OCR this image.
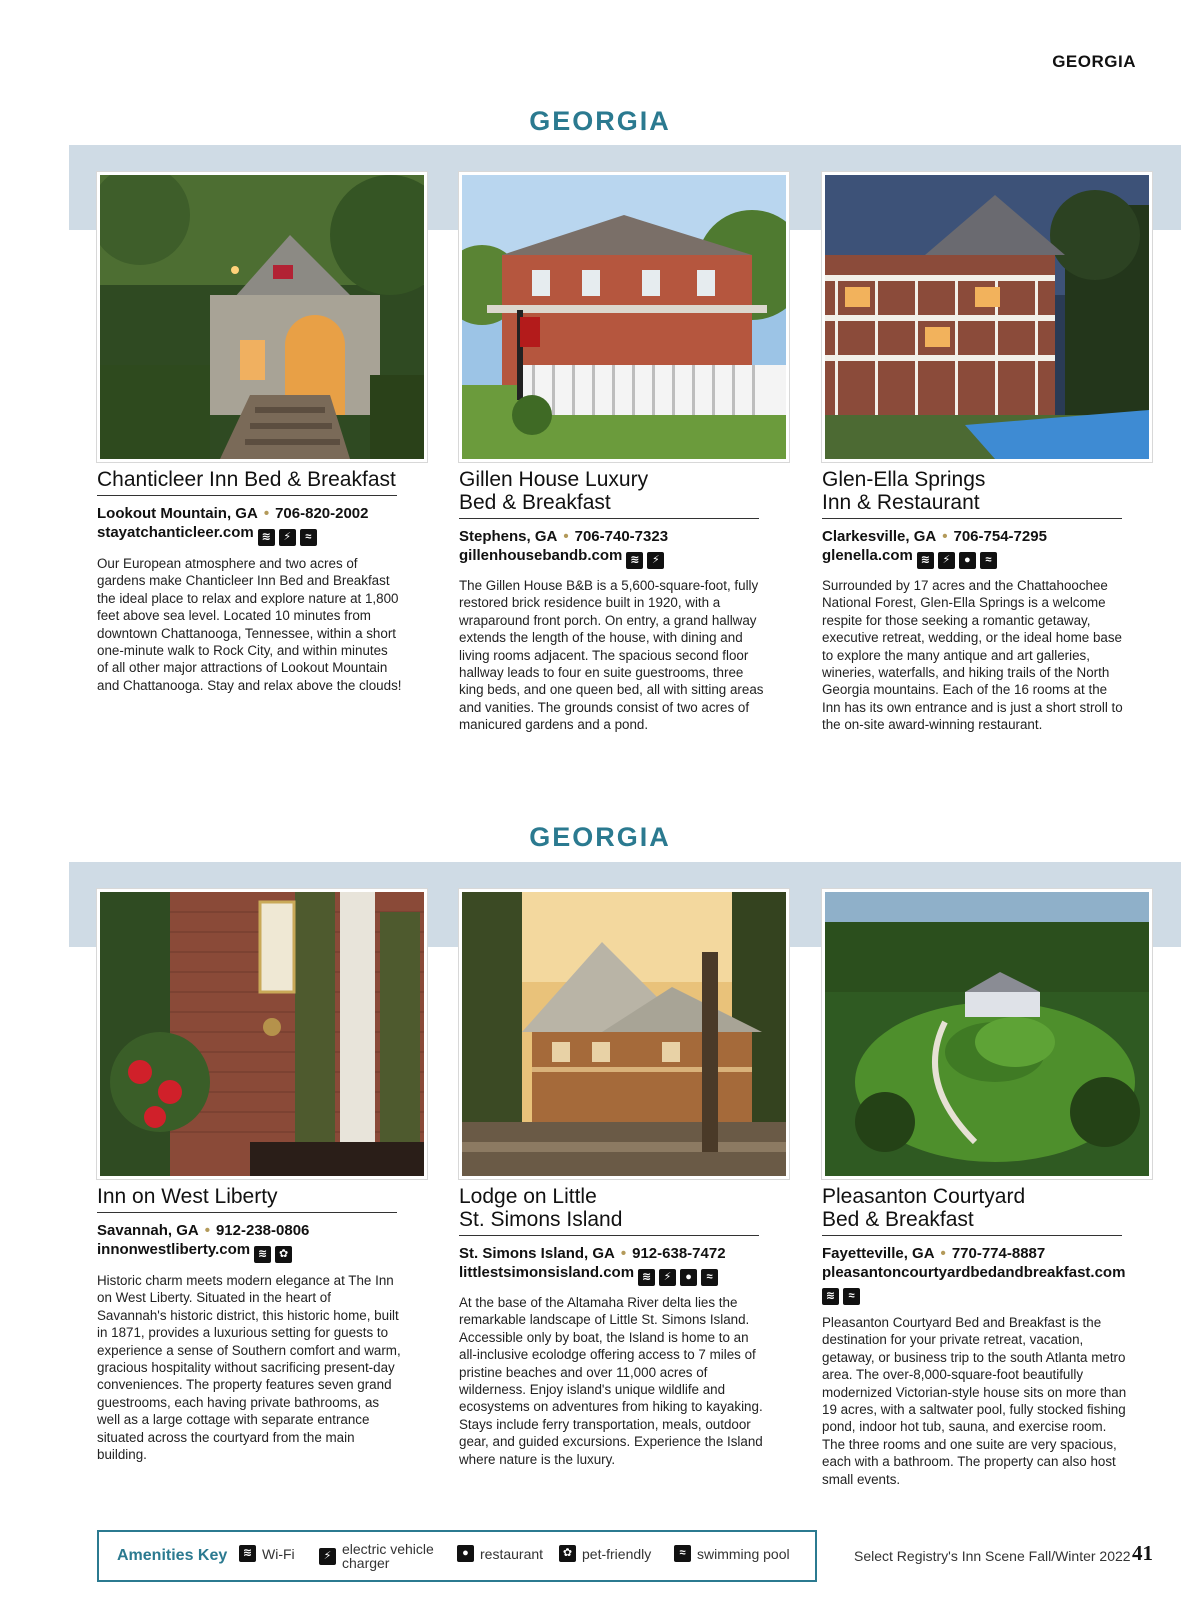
GEORGIA
GEORGIA
Chanticleer Inn Bed & Breakfast
Lookout Mountain, GA • 706-820-2002
stayatchanticleer.com ≋ ⚡ ≈
Our European atmosphere and two acres of gardens make Chanticleer Inn Bed and Breakfast the ideal place to relax and explore nature at 1,800 feet above sea level. Located 10 minutes from downtown Chattanooga, Tennessee, within a short one-minute walk to Rock City, and within minutes of all other major attractions of Lookout Mountain and Chattanooga. Stay and relax above the clouds!
Gillen House Luxury
Bed & Breakfast
Stephens, GA • 706-740-7323
gillenhousebandb.com ≋ ⚡
The Gillen House B&B is a 5,600-square-foot, fully restored brick residence built in 1920, with a wraparound front porch. On entry, a grand hallway extends the length of the house, with dining and living rooms adjacent. The spacious second floor hallway leads to four en suite guestrooms, three king beds, and one queen bed, all with sitting areas and vanities. The grounds consist of two acres of manicured gardens and a pond.
Glen-Ella Springs
Inn & Restaurant
Clarkesville, GA • 706-754-7295
glenella.com ≋ ⚡ ● ≈
Surrounded by 17 acres and the Chattahoochee National Forest, Glen-Ella Springs is a welcome respite for those seeking a romantic getaway, executive retreat, wedding, or the ideal home base to explore the many antique and art galleries, wineries, waterfalls, and hiking trails of the North Georgia mountains. Each of the 16 rooms at the Inn has its own entrance and is just a short stroll to the on-site award-winning restaurant.
GEORGIA
Inn on West Liberty
Savannah, GA • 912-238-0806
innonwestliberty.com ≋ ✿
Historic charm meets modern elegance at The Inn on West Liberty. Situated in the heart of Savannah's historic district, this historic home, built in 1871, provides a luxurious setting for guests to experience a sense of Southern comfort and warm, gracious hospitality without sacrificing present-day conveniences. The property features seven grand guestrooms, each having private bathrooms, as well as a large cottage with separate entrance situated across the courtyard from the main building.
Lodge on Little
St. Simons Island
St. Simons Island, GA • 912-638-7472
littlestsimonsisland.com ≋ ⚡ ● ≈
At the base of the Altamaha River delta lies the remarkable landscape of Little St. Simons Island. Accessible only by boat, the Island is home to an all-inclusive ecolodge offering access to 7 miles of pristine beaches and over 11,000 acres of wilderness. Enjoy island's unique wildlife and ecosystems on adventures from hiking to kayaking. Stays include ferry transportation, meals, outdoor gear, and guided excursions. Experience the Island where nature is the luxury.
Pleasanton Courtyard
Bed & Breakfast
Fayetteville, GA • 770-774-8887
pleasantoncourtyardbedandbreakfast.com
≋ ≈
Pleasanton Courtyard Bed and Breakfast is the destination for your private retreat, vacation, getaway, or business trip to the south Atlanta metro area. The over-8,000-square-foot beautifully modernized Victorian-style house sits on more than 19 acres, with a saltwater pool, fully stocked fishing pond, indoor hot tub, sauna, and exercise room. The three rooms and one suite are very spacious, each with a bathroom. The property can also host small events.
Amenities Key	≋ Wi-Fi	⚡ electric vehicle charger
● restaurant	✿ pet-friendly	≈ swimming pool	Select Registry's Inn Scene Fall/Winter 2022 41
